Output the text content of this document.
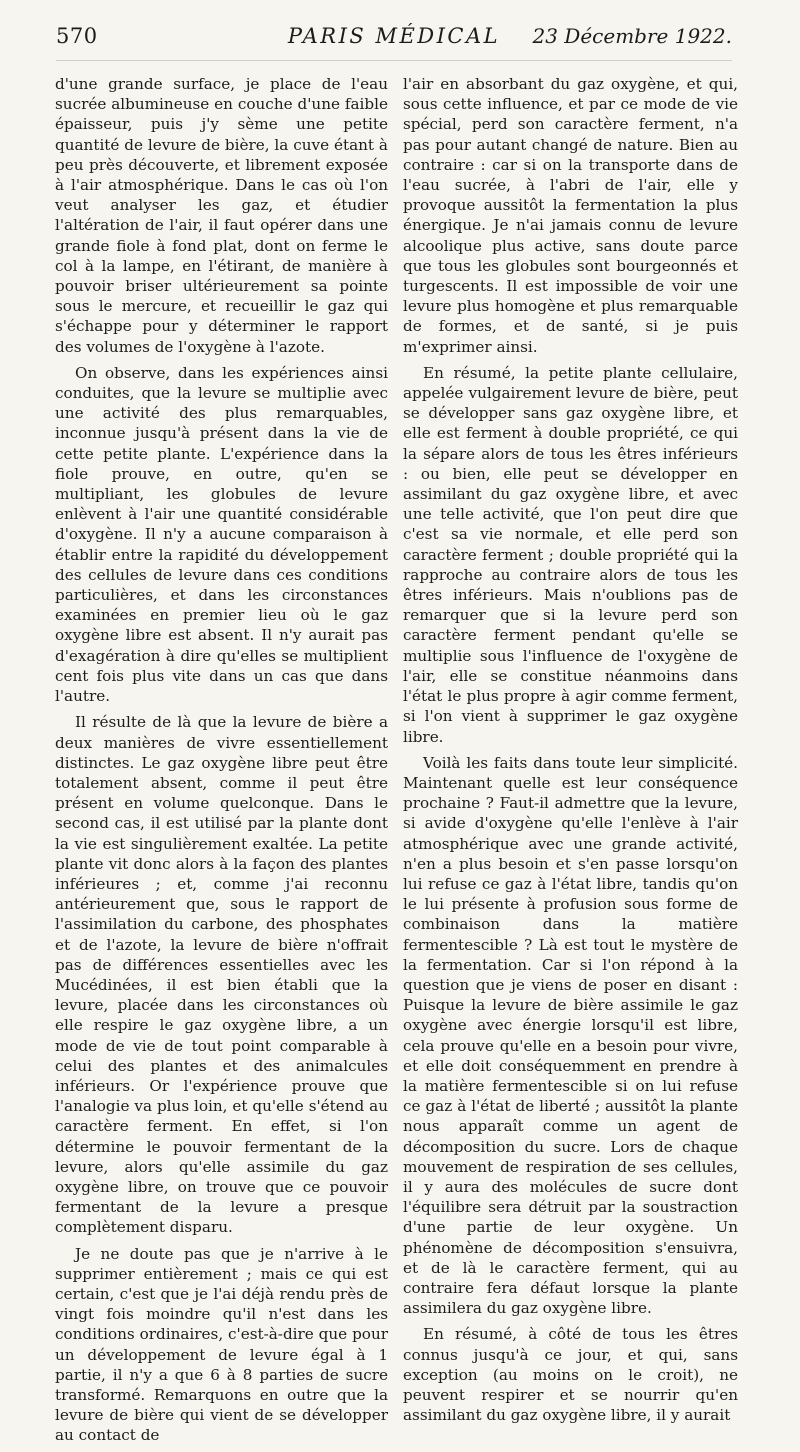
570	PARIS MÉDICAL	23 Décembre 1922.

d'une grande surface, je place de l'eau sucrée albumineuse en couche d'une faible épaisseur, puis j'y sème une petite quantité de levure de bière, la cuve étant à peu près découverte, et librement exposée à l'air atmosphérique. Dans le cas où l'on veut analyser les gaz, et étudier l'altération de l'air, il faut opérer dans une grande fiole à fond plat, dont on ferme le col à la lampe, en l'étirant, de manière à pouvoir briser ultérieurement sa pointe sous le mercure, et recueillir le gaz qui s'échappe pour y déterminer le rapport des volumes de l'oxygène à l'azote.

On observe, dans les expériences ainsi conduites, que la levure se multiplie avec une activité des plus remarquables, inconnue jusqu'à présent dans la vie de cette petite plante. L'expérience dans la fiole prouve, en outre, qu'en se multipliant, les globules de levure enlèvent à l'air une quantité considérable d'oxygène. Il n'y a aucune comparaison à établir entre la rapidité du développement des cellules de levure dans ces conditions particulières, et dans les circonstances examinées en premier lieu où le gaz oxygène libre est absent. Il n'y aurait pas d'exagération à dire qu'elles se multiplient cent fois plus vite dans un cas que dans l'autre.

Il résulte de là que la levure de bière a deux manières de vivre essentiellement distinctes. Le gaz oxygène libre peut être totalement absent, comme il peut être présent en volume quelconque. Dans le second cas, il est utilisé par la plante dont la vie est singulièrement exaltée. La petite plante vit donc alors à la façon des plantes inférieures ; et, comme j'ai reconnu antérieurement que, sous le rapport de l'assimilation du carbone, des phosphates et de l'azote, la levure de bière n'offrait pas de différences essentielles avec les Mucédinées, il est bien établi que la levure, placée dans les circonstances où elle respire le gaz oxygène libre, a un mode de vie de tout point comparable à celui des plantes et des animalcules inférieurs. Or l'expérience prouve que l'analogie va plus loin, et qu'elle s'étend au caractère ferment. En effet, si l'on détermine le pouvoir fermentant de la levure, alors qu'elle assimile du gaz oxygène libre, on trouve que ce pouvoir fermentant de la levure a presque complètement disparu.

Je ne doute pas que je n'arrive à le supprimer entièrement ; mais ce qui est certain, c'est que je l'ai déjà rendu près de vingt fois moindre qu'il n'est dans les conditions ordinaires, c'est-à-dire que pour un développement de levure égal à 1 partie, il n'y a que 6 à 8 parties de sucre transformé. Remarquons en outre que la levure de bière qui vient de se développer au contact de

l'air en absorbant du gaz oxygène, et qui, sous cette influence, et par ce mode de vie spécial, perd son caractère ferment, n'a pas pour autant changé de nature. Bien au contraire : car si on la transporte dans de l'eau sucrée, à l'abri de l'air, elle y provoque aussitôt la fermentation la plus énergique. Je n'ai jamais connu de levure alcoolique plus active, sans doute parce que tous les globules sont bourgeonnés et turgescents. Il est impossible de voir une levure plus homogène et plus remarquable de formes, et de santé, si je puis m'exprimer ainsi.

En résumé, la petite plante cellulaire, appelée vulgairement levure de bière, peut se développer sans gaz oxygène libre, et elle est ferment à double propriété, ce qui la sépare alors de tous les êtres inférieurs : ou bien, elle peut se développer en assimilant du gaz oxygène libre, et avec une telle activité, que l'on peut dire que c'est sa vie normale, et elle perd son caractère ferment ; double propriété qui la rapproche au contraire alors de tous les êtres inférieurs. Mais n'oublions pas de remarquer que si la levure perd son caractère ferment pendant qu'elle se multiplie sous l'influence de l'oxygène de l'air, elle se constitue néanmoins dans l'état le plus propre à agir comme ferment, si l'on vient à supprimer le gaz oxygène libre.

Voilà les faits dans toute leur simplicité. Maintenant quelle est leur conséquence prochaine ? Faut-il admettre que la levure, si avide d'oxygène qu'elle l'enlève à l'air atmosphérique avec une grande activité, n'en a plus besoin et s'en passe lorsqu'on lui refuse ce gaz à l'état libre, tandis qu'on le lui présente à profusion sous forme de combinaison dans la matière fermentescible ? Là est tout le mystère de la fermentation. Car si l'on répond à la question que je viens de poser en disant : Puisque la levure de bière assimile le gaz oxygène avec énergie lorsqu'il est libre, cela prouve qu'elle en a besoin pour vivre, et elle doit conséquemment en prendre à la matière fermentescible si on lui refuse ce gaz à l'état de liberté ; aussitôt la plante nous apparaît comme un agent de décomposition du sucre. Lors de chaque mouvement de respiration de ses cellules, il y aura des molécules de sucre dont l'équilibre sera détruit par la soustraction d'une partie de leur oxygène. Un phénomène de décomposition s'ensuivra, et de là le caractère ferment, qui au contraire fera défaut lorsque la plante assimilera du gaz oxygène libre.

En résumé, à côté de tous les êtres connus jusqu'à ce jour, et qui, sans exception (au moins on le croit), ne peuvent respirer et se nourrir qu'en assimilant du gaz oxygène libre, il y aurait
